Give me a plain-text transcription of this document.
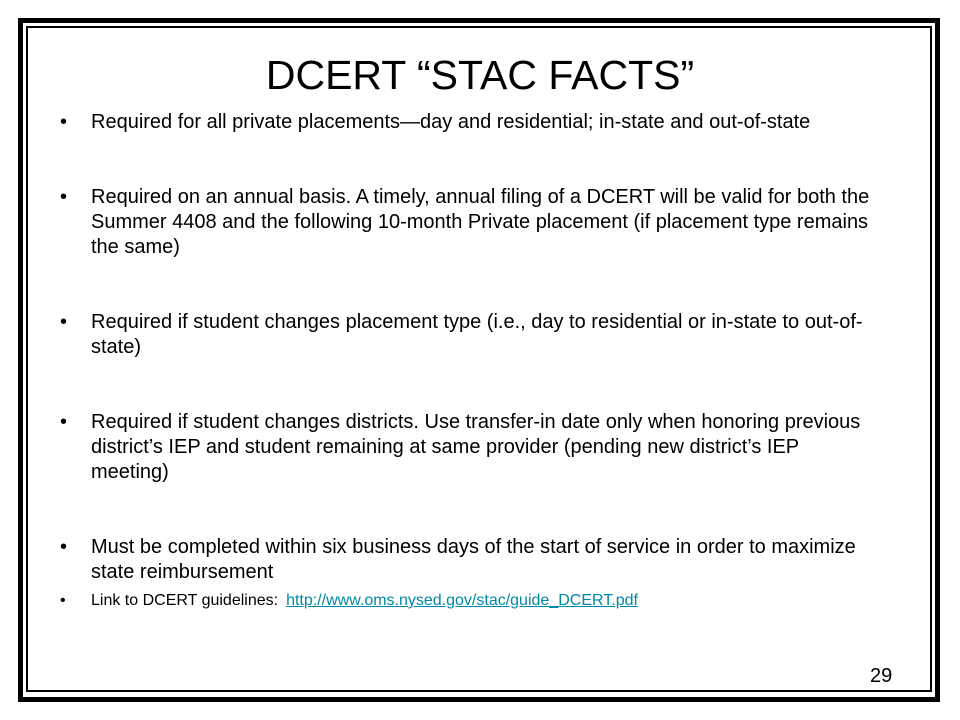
DCERT “STAC FACTS”
• Required for all private placements—day and residential; in-state and out-of-state
• Required on an annual basis. A timely, annual filing of a DCERT will be valid for both the Summer 4408 and the following 10-month Private placement (if placement type remains the same)
• Required if student changes placement type (i.e., day to residential or in-state to out-of-state)
• Required if student changes districts. Use transfer-in date only when honoring previous district’s IEP and student remaining at same provider (pending new district’s IEP meeting)
• Must be completed within six business days of the start of service in order to maximize state reimbursement
• Link to DCERT guidelines: http://www.oms.nysed.gov/stac/guide_DCERT.pdf
29
